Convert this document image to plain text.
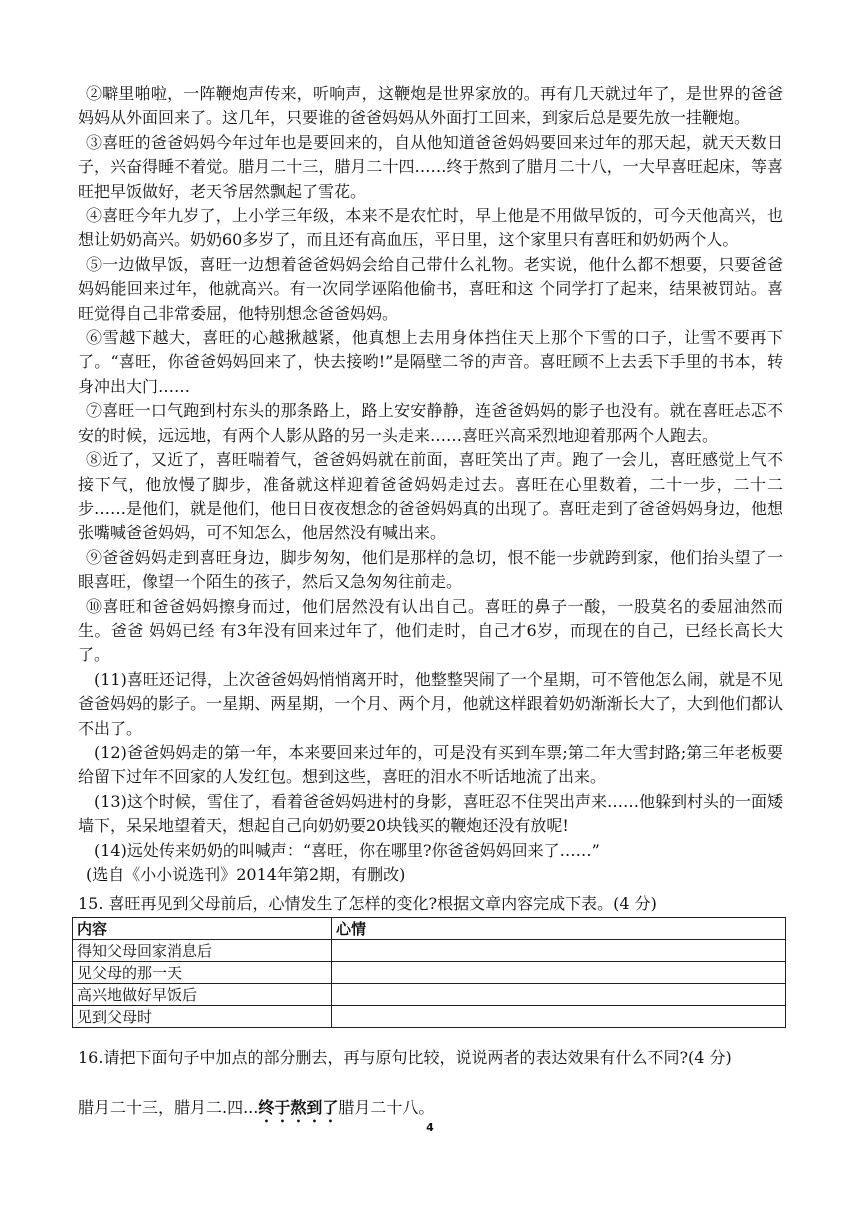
②噼里啪啦，一阵鞭炮声传来，听响声，这鞭炮是世界家放的。再有几天就过年了，是世界的爸爸妈妈从外面回来了。这几年，只要谁的爸爸妈妈从外面打工回来，到家后总是要先放一挂鞭炮。

③喜旺的爸爸妈妈今年过年也是要回来的，自从他知道爸爸妈妈要回来过年的那天起，就天天数日子，兴奋得睡不着觉。腊月二十三，腊月二十四……终于熬到了腊月二十八，一大早喜旺起床，等喜旺把早饭做好，老天爷居然飘起了雪花。

④喜旺今年九岁了，上小学三年级，本来不是农忙时，早上他是不用做早饭的，可今天他高兴，也想让奶奶高兴。奶奶60多岁了，而且还有高血压，平日里，这个家里只有喜旺和奶奶两个人。

⑤一边做早饭，喜旺一边想着爸爸妈妈会给自己带什么礼物。老实说，他什么都不想要，只要爸爸妈妈能回来过年，他就高兴。有一次同学诬陷他偷书，喜旺和这 个同学打了起来，结果被罚站。喜旺觉得自己非常委屈，他特别想念爸爸妈妈。

⑥雪越下越大，喜旺的心越揪越紧，他真想上去用身体挡住天上那个下雪的口子，让雪不要再下了。“喜旺，你爸爸妈妈回来了，快去接哟!”是隔壁二爷的声音。喜旺顾不上去丢下手里的书本，转身冲出大门……

⑦喜旺一口气跑到村东头的那条路上，路上安安静静，连爸爸妈妈的影子也没有。就在喜旺忐忑不安的时候，远远地，有两个人影从路的另一头走来……喜旺兴高采烈地迎着那两个人跑去。

⑧近了，又近了，喜旺喘着气，爸爸妈妈就在前面，喜旺笑出了声。跑了一会儿，喜旺感觉上气不接下气，他放慢了脚步，准备就这样迎着爸爸妈妈走过去。喜旺在心里数着，二十一步，二十二步……是他们，就是他们，他日日夜夜想念的爸爸妈妈真的出现了。喜旺走到了爸爸妈妈身边，他想张嘴喊爸爸妈妈，可不知怎么，他居然没有喊出来。

⑨爸爸妈妈走到喜旺身边，脚步匆匆，他们是那样的急切，恨不能一步就跨到家，他们抬头望了一眼喜旺，像望一个陌生的孩子，然后又急匆匆往前走。

⑩喜旺和爸爸妈妈擦身而过，他们居然没有认出自己。喜旺的鼻子一酸，一股莫名的委屈油然而生。爸爸 妈妈已经 有3年没有回来过年了，他们走时，自己才6岁，而现在的自己，已经长高长大了。

(11)喜旺还记得，上次爸爸妈妈悄悄离开时，他整整哭闹了一个星期，可不管他怎么闹，就是不见爸爸妈妈的影子。一星期、两星期，一个月、两个月，他就这样跟着奶奶渐渐长大了，大到他们都认不出了。

(12)爸爸妈妈走的第一年，本来要回来过年的，可是没有买到车票;第二年大雪封路;第三年老板要给留下过年不回家的人发红包。想到这些，喜旺的泪水不听话地流了出来。

(13)这个时候，雪住了，看着爸爸妈妈进村的身影，喜旺忍不住哭出声来……他躲到村头的一面矮墙下，呆呆地望着天，想起自己向奶奶要20块钱买的鞭炮还没有放呢!

(14)远处传来奶奶的叫喊声：“喜旺，你在哪里?你爸爸妈妈回来了……”

(选自《小小说选刊》2014年第2期，有删改)

15. 喜旺再见到父母前后，心情发生了怎样的变化?根据文章内容完成下表。(4 分)
内容	心情
得知父母回家消息后	
见父母的那一天	
高兴地做好早饭后	
见到父母时	
16.请把下面句子中加点的部分删去，再与原句比较，说说两者的表达效果有什么不同?(4 分)
腊月二十三，腊月二.四...终于熬到了腊月二十八。
4
